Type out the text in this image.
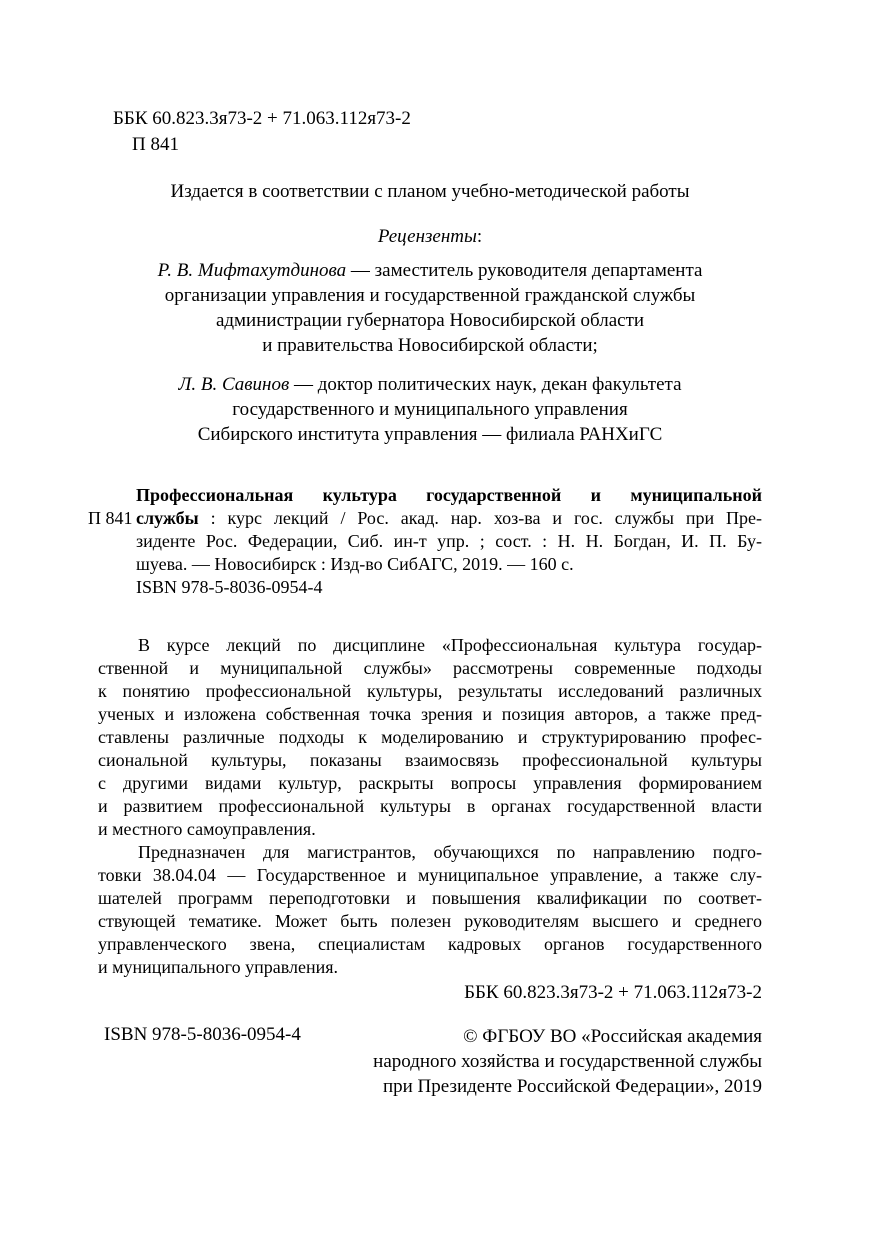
ББК 60.823.3я73-2 + 71.063.112я73-2
П 841
Издается в соответствии с планом учебно-методической работы
Рецензенты:
Р. В. Мифтахутдинова — заместитель руководителя департамента
организации управления и государственной гражданской службы
администрации губернатора Новосибирской области
и правительства Новосибирской области;
Л. В. Савинов — доктор политических наук, декан факультета
государственного и муниципального управления
Сибирского института управления — филиала РАНХиГС
П 841
Профессиональная культура государственной и муниципальной
службы : курс лекций / Рос. акад. нар. хоз-ва и гос. службы при Пре-
зиденте Рос. Федерации, Сиб. ин-т упр. ; сост. : Н. Н. Богдан, И. П. Бу-
шуева. — Новосибирск : Изд-во СибАГС, 2019. — 160 с.
ISBN 978-5-8036-0954-4
В курсе лекций по дисциплине «Профессиональная культура государ-
ственной и муниципальной службы» рассмотрены современные подходы
к понятию профессиональной культуры, результаты исследований различных
ученых и изложена собственная точка зрения и позиция авторов, а также пред-
ставлены различные подходы к моделированию и структурированию профес-
сиональной культуры, показаны взаимосвязь профессиональной культуры
с другими видами культур, раскрыты вопросы управления формированием
и развитием профессиональной культуры в органах государственной власти
и местного самоуправления.
Предназначен для магистрантов, обучающихся по направлению подго-
товки 38.04.04 — Государственное и муниципальное управление, а также слу-
шателей программ переподготовки и повышения квалификации по соответ-
ствующей тематике. Может быть полезен руководителям высшего и среднего
управленческого звена, специалистам кадровых органов государственного
и муниципального управления.
ББК 60.823.3я73-2 + 71.063.112я73-2
ISBN 978-5-8036-0954-4	© ФГБОУ ВО «Российская академия
народного хозяйства и государственной службы
при Президенте Российской Федерации», 2019
